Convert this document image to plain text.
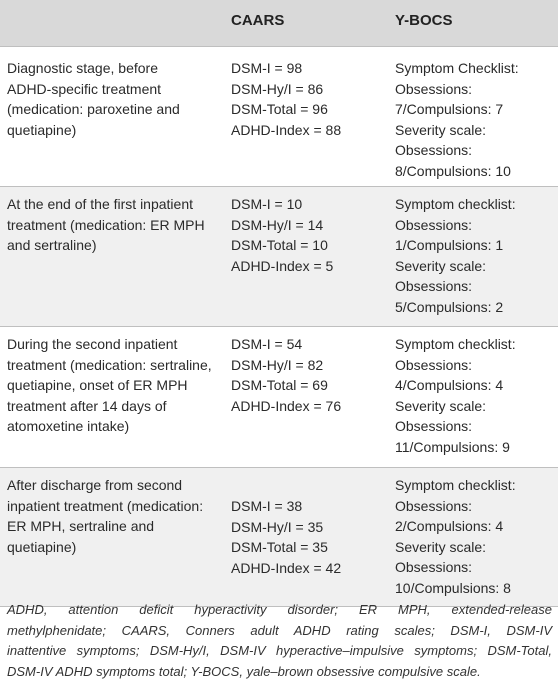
CAARS	Y-BOCS
Diagnostic stage, before
ADHD-specific treatment
(medication: paroxetine and
quetiapine)
DSM-I = 98
DSM-Hy/I = 86
DSM-Total = 96
ADHD-Index = 88
Symptom Checklist:
Obsessions:
7/Compulsions: 7
Severity scale:
Obsessions:
8/Compulsions: 10
At the end of the first inpatient
treatment (medication: ER MPH
and sertraline)
DSM-I = 10
DSM-Hy/I = 14
DSM-Total = 10
ADHD-Index = 5
Symptom checklist:
Obsessions:
1/Compulsions: 1
Severity scale:
Obsessions:
5/Compulsions: 2
During the second inpatient
treatment (medication: sertraline,
quetiapine, onset of ER MPH
treatment after 14 days of
atomoxetine intake)
DSM-I = 54
DSM-Hy/I = 82
DSM-Total = 69
ADHD-Index = 76
Symptom checklist:
Obsessions:
4/Compulsions: 4
Severity scale:
Obsessions:
11/Compulsions: 9
After discharge from second
inpatient treatment (medication:
ER MPH, sertraline and
quetiapine)
DSM-I = 38
DSM-Hy/I = 35
DSM-Total = 35
ADHD-Index = 42
Symptom checklist:
Obsessions:
2/Compulsions: 4
Severity scale:
Obsessions:
10/Compulsions: 8
ADHD, attention deficit hyperactivity disorder; ER MPH, extended-release
methylphenidate; CAARS, Conners adult ADHD rating scales; DSM-I, DSM-IV
inattentive symptoms; DSM-Hy/I, DSM-IV hyperactive–impulsive symptoms; DSM-Total,
DSM-IV ADHD symptoms total; Y-BOCS, yale–brown obsessive compulsive scale.
